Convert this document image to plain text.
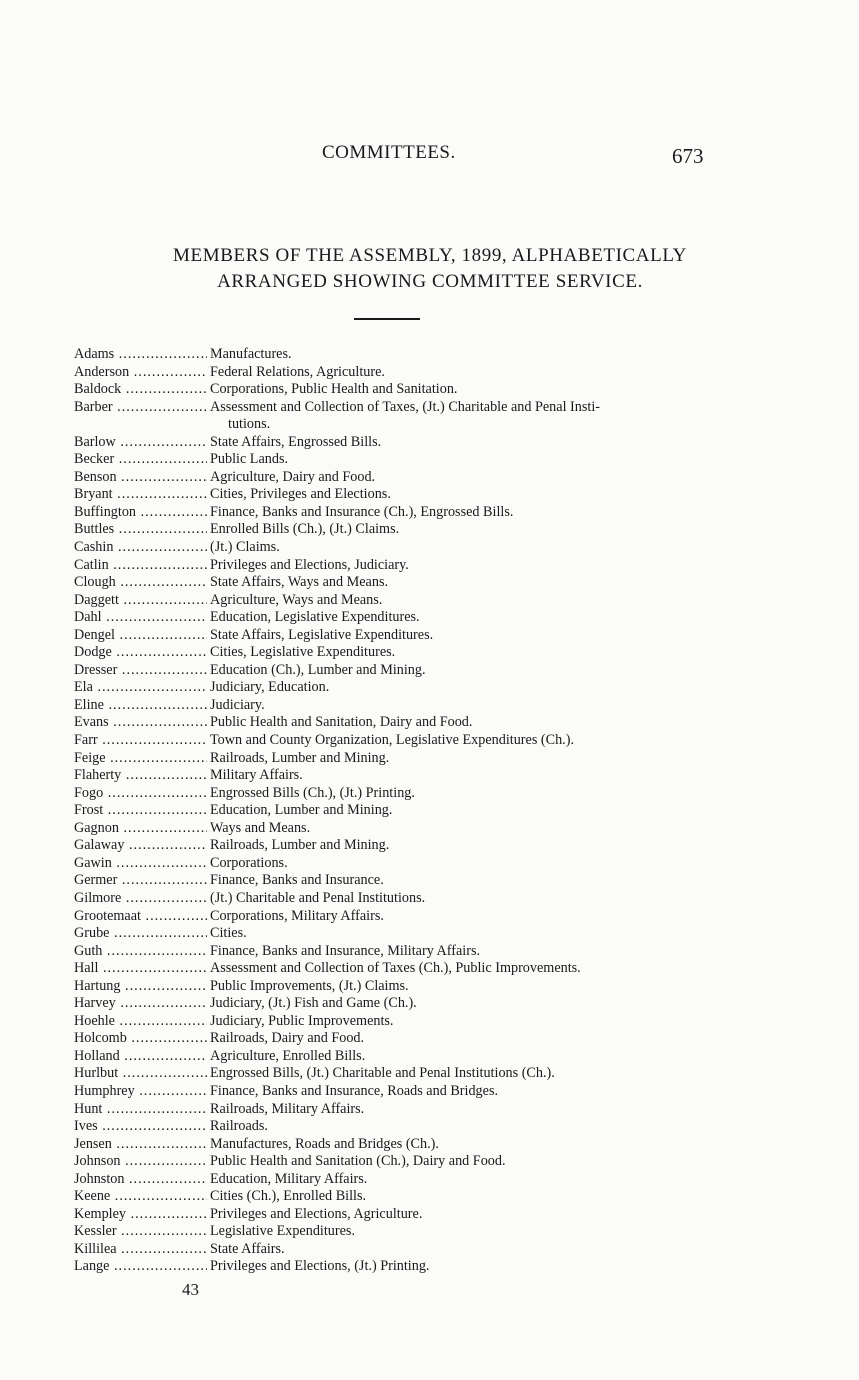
COMMITTEES.	673
MEMBERS OF THE ASSEMBLY, 1899, ALPHABETICALLY
ARRANGED SHOWING COMMITTEE SERVICE.
Adams .....	Manufactures.
Anderson .....	Federal Relations, Agriculture.
Baldock .....	Corporations, Public Health and Sanitation.
Barber .....	Assessment and Collection of Taxes, (Jt.) Charitable and Penal Insti-
tutions.
Barlow .....	State Affairs, Engrossed Bills.
Becker .....	Public Lands.
Benson .....	Agriculture, Dairy and Food.
Bryant .....	Cities, Privileges and Elections.
Buffington .....	Finance, Banks and Insurance (Ch.), Engrossed Bills.
Buttles .....	Enrolled Bills (Ch.), (Jt.) Claims.
Cashin .....	(Jt.) Claims.
Catlin .....	Privileges and Elections, Judiciary.
Clough .....	State Affairs, Ways and Means.
Daggett .....	Agriculture, Ways and Means.
Dahl .....	Education, Legislative Expenditures.
Dengel .....	State Affairs, Legislative Expenditures.
Dodge .....	Cities, Legislative Expenditures.
Dresser .....	Education (Ch.), Lumber and Mining.
Ela .....	Judiciary, Education.
Eline .....	Judiciary.
Evans .....	Public Health and Sanitation, Dairy and Food.
Farr .....	Town and County Organization, Legislative Expenditures (Ch.).
Feige .....	Railroads, Lumber and Mining.
Flaherty .....	Military Affairs.
Fogo .....	Engrossed Bills (Ch.), (Jt.) Printing.
Frost .....	Education, Lumber and Mining.
Gagnon .....	Ways and Means.
Galaway .....	Railroads, Lumber and Mining.
Gawin .....	Corporations.
Germer .....	Finance, Banks and Insurance.
Gilmore .....	(Jt.) Charitable and Penal Institutions.
Grootemaat .....	Corporations, Military Affairs.
Grube .....	Cities.
Guth .....	Finance, Banks and Insurance, Military Affairs.
Hall .....	Assessment and Collection of Taxes (Ch.), Public Improvements.
Hartung .....	Public Improvements, (Jt.) Claims.
Harvey .....	Judiciary, (Jt.) Fish and Game (Ch.).
Hoehle .....	Judiciary, Public Improvements.
Holcomb .....	Railroads, Dairy and Food.
Holland .....	Agriculture, Enrolled Bills.
Hurlbut .....	Engrossed Bills, (Jt.) Charitable and Penal Institutions (Ch.).
Humphrey .....	Finance, Banks and Insurance, Roads and Bridges.
Hunt .....	Railroads, Military Affairs.
Ives .....	Railroads.
Jensen .....	Manufactures, Roads and Bridges (Ch.).
Johnson .....	Public Health and Sanitation (Ch.), Dairy and Food.
Johnston .....	Education, Military Affairs.
Keene .....	Cities (Ch.), Enrolled Bills.
Kempley .....	Privileges and Elections, Agriculture.
Kessler .....	Legislative Expenditures.
Killilea .....	State Affairs.
Lange .....	Privileges and Elections, (Jt.) Printing.
43
